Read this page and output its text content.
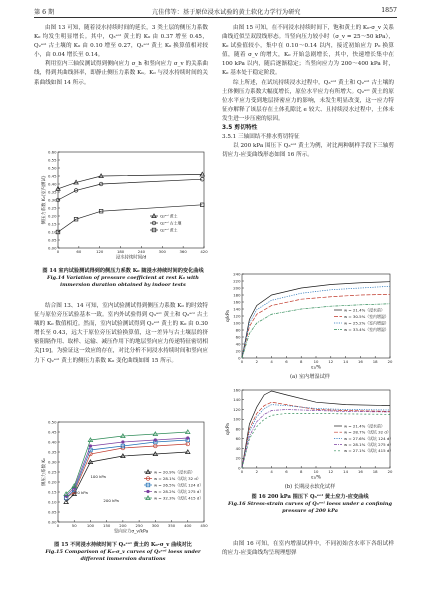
第 6 期	亢佳伟等：基于原位浸水试验的黄土软化力学行为研究	1857

由图 13 可知，随着浸水持续时间的延长，3 类土层的侧压力系数 K₀ 均发生明显增长。其中，Q₃ᵉᵒˡ 黄土的 K₀ 由 0.37 增至 0.45，Q₂ᵉᵒˡ 古土壤的 K₀ 由 0.10 增至 0.27，Q₂ᵉᵒˡ 黄土 K₀ 换算值相对较小，由 0.04 增长至 0.14。

利用室内三轴仪测试得到侧向应力 σ_h 和竖向应力 σ_v 的关系曲线，得到其曲线斜率，即静止侧压力系数 K₀。K₀ 与浸水持续时间的关系曲线如图 14 所示。

0.00
0.05
0.10
0.15
0.20
0.25
0.30
0.35
0.40
0.45
0.50
0.55
0.60
0	60	120	180	240	300	360	420
浸水持续时间/d
侧压力系数 K₀(室内测试)	Q₃ᵉᵒˡ 黄土
Q₂ᵉᵒˡ 古土壤
Q₂ᵉᵒˡ 黄土
图 14 室内试验测试得到的侧压力系数 K₀ 随浸水持续时间的变化曲线
Fig.14 Variation of pressure coefficient at rest K₀ with immersion duration obtained by indoor tests

结合图 13、14 可知，室内试验测试得到侧压力系数 K₀ 的时效特征与原位旁压试验基本一致。室内外试验得到 Q₃ᵉᵒˡ 黄土和 Q₂ᵉᵒˡ 古土壤的 K₀ 数值相近。然而，室内试验测试得到 Q₂ᵉᵒˡ 黄土的 K₀ 由 0.30 增长至 0.43，远大于原位旁压试验换算值，这一差异与古土壤层的挤密阻隔作用、取样、运输、减压作用下的地层竖向应力传递特征密切相关[19]。为验证这一效应的存在，对比分析不同浸水持续时间和竖向应力下 Q₂ᵉᵒˡ 黄土的侧压力系数 K₀ 变化曲线如图 15 所示。

0.00
0.05
0.10
0.15
0.20
0.25
0.30
0.35
0.40
0.45
0.50
0	50	100 150 200 250 300 350 400 450
竖向应力σ_v/kPa
侧压力系数 K₀	w = 20.9%（浸水前）
w = 28.1%（试坑 32 d）
w = 26.5%（试坑 124 d）
w = 28.2%（试坑 275 d）
w = 32.3%（试坑 415 d）
100 kPa
50 kPa
200 kPa
图 15 不同浸水持续时间下 Q₂ᵉᵒˡ 黄土的 K₀-σ_v 曲线对比
Fig.15 Comparison of K₀-σ_v curves of Q₂ᵉᵒˡ loess under different immersion durations

由图 15 可知，在不同浸水持续时间下，饱和黄土的 K₀-σ_v 关系曲线近似呈双段线形态。当竖向压力较小时（σ_v = 25～50 kPa），K₀ 试验值较小，集中在 0.10～0.14 以内，接近初始应力 P₀ 换算值，随着 σ_v 的增大，K₀ 开始急剧增长，其中，快速增长集中在 100 kPa 以内，随后逐渐稳定；当竖向应力为 200～400 kPa 时，K₀ 基本处于稳定阶段。

综上所述，在试坑持续浸水过程中，Q₃ᵉᵒˡ 黄土和 Q₂ᵉᵒˡ 古土壤的土体侧压力系数大幅度增长，原位水平应力有所增大。Q₂ᵉᵒˡ 黄土的原位水平应力受到地层挤密应力的影响，未发生明显改变，这一应力特征亦解释了该层存在土体孔隙比 e 较大、且持续浸水过程中，土体未发生进一步压密的原因。

3.5 剪切特性
3.5.1 三轴固结不排水剪切特征

以 200 kPa 围压下 Q₃ᵉᵒˡ 黄土为例，对比两种制样手段下三轴剪切应力-应变曲线形态如图 16 所示。

0
20
40
60
80
100
120
140
160
180
200
220
240
0	2	4	6	8	10	12	14	16	18	20
ε₁/%
q/kPa
w = 21.4%（浸水前）
w = 30.5%（室内增湿）
w = 25.2%（室内增湿）
w = 33.4%（室内增湿）
(a) 室内增湿试样
0
20
40
60
80
100
120
140
160
0	2	4	6	8	10	12	14	16	18	20
ε₁/%
q/kPa	w = 21.4%（浸水前）
w = 28.7%（试坑 32 d）
w = 27.6%（试坑 124 d）
w = 28.1%（试坑 275 d）
w = 27.1%（试坑 415 d）
(b) 长期浸水软化试样
图 16 200 kPa 围压下 Q₃ᵉᵒˡ 黄土应力-应变曲线
Fig.16 Stress-strain curves of Q₃ᵉᵒˡ loess under a confining pressure of 200 kPa

由图 16 可知，在室内增湿试样中，不同初始含水率下各组试样的应力-应变曲线均呈现理想弹
